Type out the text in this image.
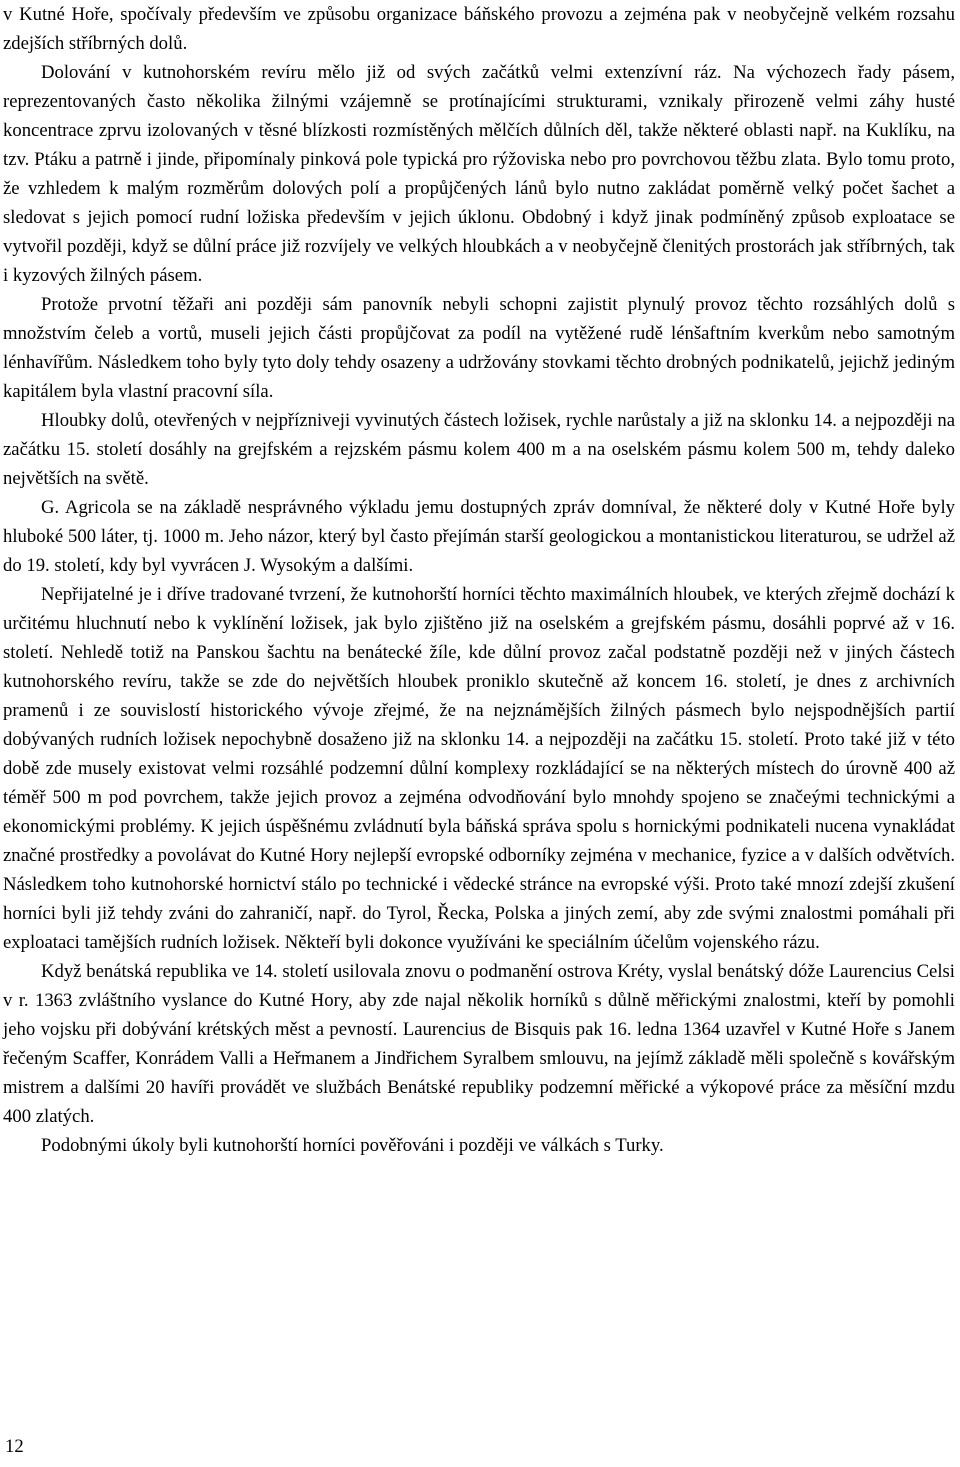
v Kutné Hoře, spočívaly především ve způsobu organizace báňského provozu a zejména pak v neobyčejně velkém rozsahu zdejších stříbrných dolů.

Dolování v kutnohorském revíru mělo již od svých začátků velmi extenzívní ráz. Na výchozech řady pásem, reprezentovaných často několika žilnými vzájemně se protínajícími strukturami, vznikaly přirozeně velmi záhy husté koncentrace zprvu izolovaných v těsné blízkosti rozmístěných mělčích důlních děl, takže některé oblasti např. na Kuklíku, na tzv. Ptáku a patrně i jinde, připomínaly pinková pole typická pro rýžoviska nebo pro povrchovou těžbu zlata. Bylo tomu proto, že vzhledem k malým rozměrům dolových polí a propůjčených lánů bylo nutno zakládat poměrně velký počet šachet a sledovat s jejich pomocí rudní ložiska především v jejich úklonu. Obdobný i když jinak podmíněný způsob exploatace se vytvořil později, když se důlní práce již rozvíjely ve velkých hloubkách a v neobyčejně členitých prostorách jak stříbrných, tak i kyzových žilných pásem.

Protože prvotní těžaři ani později sám panovník nebyli schopni zajistit plynulý provoz těchto rozsáhlých dolů s množstvím čeleb a vortů, museli jejich části propůjčovat za podíl na vytěžené rudě lénšaftním kverkům nebo samotným lénhavířům. Následkem toho byly tyto doly tehdy osazeny a udržovány stovkami těchto drobných podnikatelů, jejichž jediným kapitálem byla vlastní pracovní síla.

Hloubky dolů, otevřených v nejpřízniveji vyvinutých částech ložisek, rychle narůstaly a již na sklonku 14. a nejpozději na začátku 15. století dosáhly na grejfském a rejzském pásmu kolem 400 m a na oselském pásmu kolem 500 m, tehdy daleko největších na světě.

G. Agricola se na základě nesprávného výkladu jemu dostupných zpráv domníval, že některé doly v Kutné Hoře byly hluboké 500 láter, tj. 1000 m. Jeho názor, který byl často přejímán starší geologickou a montanistickou literaturou, se udržel až do 19. století, kdy byl vyvrácen J. Wysokým a dalšími.

Nepřijatelné je i dříve tradované tvrzení, že kutnohorští horníci těchto maximálních hloubek, ve kterých zřejmě dochází k určitému hluchnutí nebo k vyklínění ložisek, jak bylo zjištěno již na oselském a grejfském pásmu, dosáhli poprvé až v 16. století. Nehledě totiž na Panskou šachtu na benátecké žíle, kde důlní provoz začal podstatně později než v jiných částech kutnohorského revíru, takže se zde do největších hloubek proniklo skutečně až koncem 16. století, je dnes z archivních pramenů i ze souvislostí historického vývoje zřejmé, že na nejznámějších žilných pásmech bylo nejspodnějších partií dobývaných rudních ložisek nepochybně dosaženo již na sklonku 14. a nejpozději na začátku 15. století. Proto také již v této době zde musely existovat velmi rozsáhlé podzemní důlní komplexy rozkládající se na některých místech do úrovně 400 až téměř 500 m pod povrchem, takže jejich provoz a zejména odvodňování bylo mnohdy spojeno se značeými technickými a ekonomickými problémy. K jejich úspěšnému zvládnutí byla báňská správa spolu s hornickými podnikateli nucena vynakládat značné prostředky a povolávat do Kutné Hory nejlepší evropské odborníky zejména v mechanice, fyzice a v dalších odvětvích. Následkem toho kutnohorské hornictví stálo po technické i vědecké stránce na evropské výši. Proto také mnozí zdejší zkušení horníci byli již tehdy zváni do zahraničí, např. do Tyrol, Řecka, Polska a jiných zemí, aby zde svými znalostmi pomáhali při exploataci tamějších rudních ložisek. Někteří byli dokonce využíváni ke speciálním účelům vojenského rázu.

Když benátská republika ve 14. století usilovala znovu o podmanění ostrova Kréty, vyslal benátský dóže Laurencius Celsi v r. 1363 zvláštního vyslance do Kutné Hory, aby zde najal několik horníků s důlně měřickými znalostmi, kteří by pomohli jeho vojsku při dobývání krétských měst a pevností. Laurencius de Bisquis pak 16. ledna 1364 uzavřel v Kutné Hoře s Janem řečeným Scaffer, Konrádem Valli a Heřmanem a Jindřichem Syralbem smlouvu, na jejímž základě měli společně s kovářským mistrem a dalšími 20 havíři provádět ve službách Benátské republiky podzemní měřické a výkopové práce za měsíční mzdu 400 zlatých.

Podobnými úkoly byli kutnohorští horníci pověřováni i později ve válkách s Turky.

12
